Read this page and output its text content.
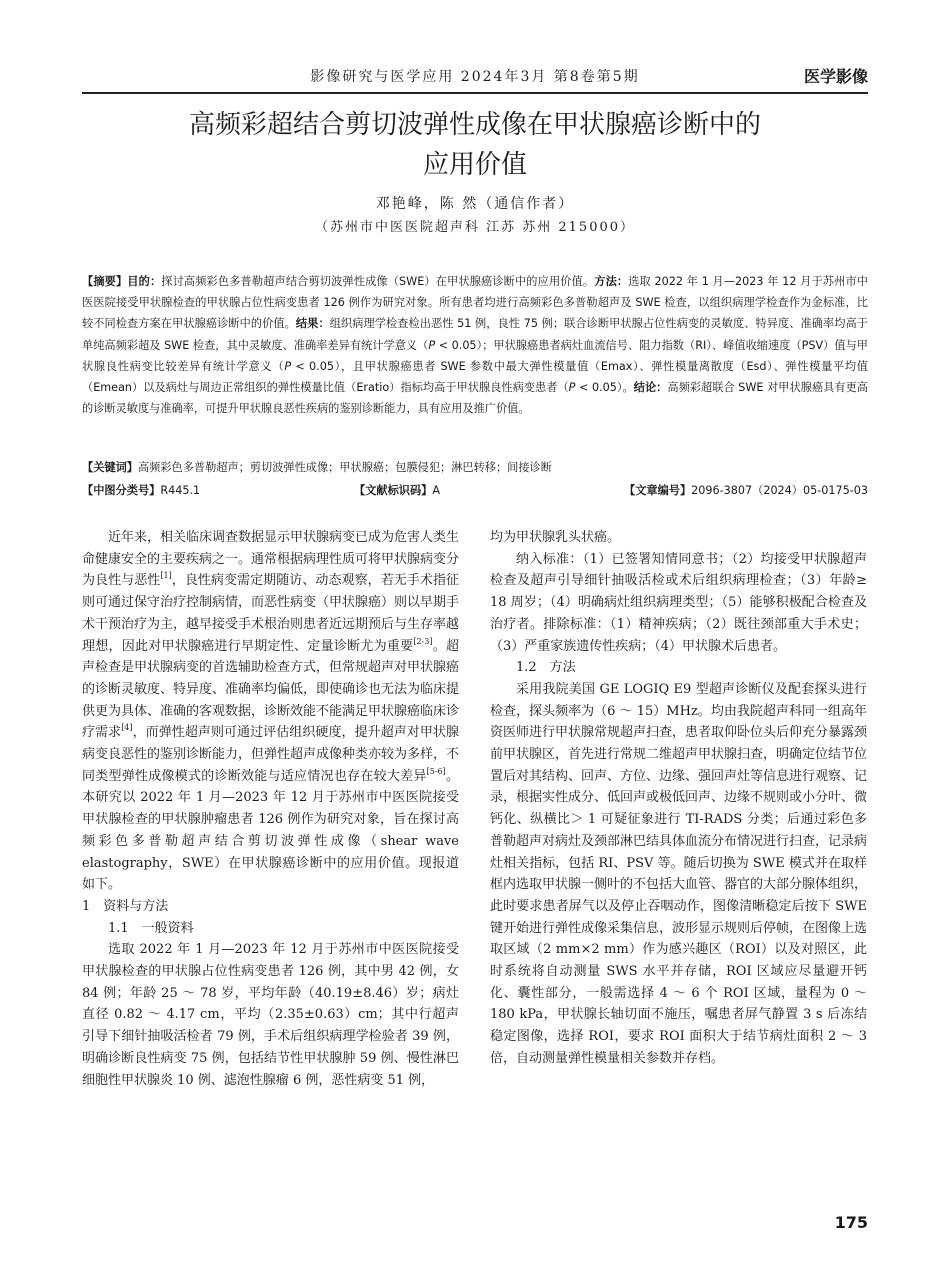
影像研究与医学应用 2024年3月 第8卷第5期	医学影像
高频彩超结合剪切波弹性成像在甲状腺癌诊断中的
应用价值
邓艳峰，陈 然（通信作者）
（苏州市中医医院超声科 江苏 苏州 215000）
【摘要】目的：探讨高频彩色多普勒超声结合剪切波弹性成像（SWE）在甲状腺癌诊断中的应用价值。方法：选取 2022 年 1 月—2023 年 12 月于苏州市中医医院接受甲状腺检查的甲状腺占位性病变患者 126 例作为研究对象。所有患者均进行高频彩色多普勒超声及 SWE 检查，以组织病理学检查作为金标准，比较不同检查方案在甲状腺癌诊断中的价值。结果：组织病理学检查检出恶性 51 例，良性 75 例；联合诊断甲状腺占位性病变的灵敏度、特异度、准确率均高于单纯高频彩超及 SWE 检查，其中灵敏度、准确率差异有统计学意义（P < 0.05）；甲状腺癌患者病灶血流信号、阻力指数（RI）、峰值收缩速度（PSV）值与甲状腺良性病变比较差异有统计学意义（P < 0.05），且甲状腺癌患者 SWE 参数中最大弹性模量值（Emax）、弹性模量离散度（Esd）、弹性模量平均值（Emean）以及病灶与周边正常组织的弹性模量比值（Eratio）指标均高于甲状腺良性病变患者（P < 0.05）。结论：高频彩超联合 SWE 对甲状腺癌具有更高的诊断灵敏度与准确率，可提升甲状腺良恶性疾病的鉴别诊断能力，具有应用及推广价值。
【关键词】高频彩色多普勒超声；剪切波弹性成像；甲状腺癌；包膜侵犯；淋巴转移；间接诊断
【中图分类号】R445.1	【文献标识码】A	【文章编号】2096-3807（2024）05-0175-03

近年来，相关临床调查数据显示甲状腺病变已成为危害人类生命健康安全的主要疾病之一。通常根据病理性质可将甲状腺病变分为良性与恶性[1]，良性病变需定期随访、动态观察，若无手术指征则可通过保守治疗控制病情，而恶性病变（甲状腺癌）则以早期手术干预治疗为主，越早接受手术根治则患者近远期预后与生存率越理想，因此对甲状腺癌进行早期定性、定量诊断尤为重要[2-3]。超声检查是甲状腺病变的首选辅助检查方式，但常规超声对甲状腺癌的诊断灵敏度、特异度、准确率均偏低，即使确诊也无法为临床提供更为具体、准确的客观数据，诊断效能不能满足甲状腺癌临床诊疗需求[4]，而弹性超声则可通过评估组织硬度，提升超声对甲状腺病变良恶性的鉴别诊断能力，但弹性超声成像种类亦较为多样，不同类型弹性成像模式的诊断效能与适应情况也存在较大差异[5-6]。本研究以 2022 年 1 月—2023 年 12 月于苏州市中医医院接受甲状腺检查的甲状腺肿瘤患者 126 例作为研究对象，旨在探讨高频彩色多普勒超声结合剪切波弹性成像（shear wave elastography，SWE）在甲状腺癌诊断中的应用价值。现报道如下。

1　资料与方法

1.1　一般资料

选取 2022 年 1 月—2023 年 12 月于苏州市中医医院接受甲状腺检查的甲状腺占位性病变患者 126 例，其中男 42 例，女 84 例；年龄 25 ～ 78 岁，平均年龄（40.19±8.46）岁；病灶直径 0.82 ～ 4.17 cm，平均（2.35±0.63）cm；其中行超声引导下细针抽吸活检者 79 例，手术后组织病理学检验者 39 例，明确诊断良性病变 75 例，包括结节性甲状腺肿 59 例、慢性淋巴细胞性甲状腺炎 10 例、滤泡性腺瘤 6 例，恶性病变 51 例，

均为甲状腺乳头状癌。

纳入标准：（1）已签署知情同意书；（2）均接受甲状腺超声检查及超声引导细针抽吸活检或术后组织病理检查；（3）年龄≥ 18 周岁；（4）明确病灶组织病理类型；（5）能够积极配合检查及治疗者。排除标准：（1）精神疾病；（2）既往颈部重大手术史；（3）严重家族遗传性疾病；（4）甲状腺术后患者。

1.2　方法

采用我院美国 GE LOGIQ E9 型超声诊断仪及配套探头进行检查，探头频率为（6 ～ 15）MHz。均由我院超声科同一组高年资医师进行甲状腺常规超声扫查，患者取仰卧位头后仰充分暴露颈前甲状腺区，首先进行常规二维超声甲状腺扫查，明确定位结节位置后对其结构、回声、方位、边缘、强回声灶等信息进行观察、记录，根据实性成分、低回声或极低回声、边缘不规则或小分叶、微钙化、纵横比＞ 1 可疑征象进行 TI-RADS 分类；后通过彩色多普勒超声对病灶及颈部淋巴结具体血流分布情况进行扫查，记录病灶相关指标，包括 RI、PSV 等。随后切换为 SWE 模式并在取样框内选取甲状腺一侧叶的不包括大血管、器官的大部分腺体组织，此时要求患者屏气以及停止吞咽动作，图像清晰稳定后按下 SWE 键开始进行弹性成像采集信息，波形显示规则后停帧，在图像上选取区域（2 mm×2 mm）作为感兴趣区（ROI）以及对照区，此时系统将自动测量 SWS 水平并存储，ROI 区域应尽量避开钙化、囊性部分，一般需选择 4 ～ 6 个 ROI 区域，量程为 0 ～ 180 kPa，甲状腺长轴切面不施压，嘱患者屏气静置 3 s 后冻结稳定图像，选择 ROI，要求 ROI 面积大于结节病灶面积 2 ～ 3 倍，自动测量弹性模量相关参数并存档。

175
